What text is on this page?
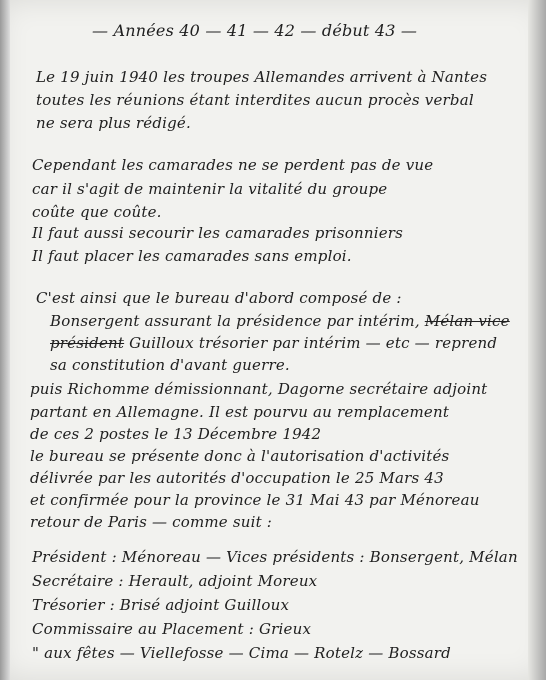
— Années 40 — 41 — 42 — début 43 —
Le 19 juin 1940 les troupes Allemandes arrivent à Nantes
toutes les réunions étant interdites aucun procès verbal
ne sera plus rédigé.
Cependant les camarades ne se perdent pas de vue
car il s'agit de maintenir la vitalité du groupe
coûte que coûte.
Il faut aussi secourir les camarades prisonniers
Il faut placer les camarades sans emploi.
C'est ainsi que le bureau d'abord composé de :
Bonsergent assurant la présidence par intérim, Mélan vice
président Guilloux trésorier par intérim — etc — reprend
sa constitution d'avant guerre.
puis Richomme démissionnant, Dagorne secrétaire adjoint
partant en Allemagne. Il est pourvu au remplacement
de ces 2 postes le 13 Décembre 1942
le bureau se présente donc à l'autorisation d'activités
délivrée par les autorités d'occupation le 25 Mars 43
et confirmée pour la province le 31 Mai 43 par Ménoreau
retour de Paris — comme suit :
Président : Ménoreau — Vices présidents : Bonsergent, Mélan
Secrétaire : Herault, adjoint Moreux
Trésorier : Brisé adjoint Guilloux
Commissaire au Placement : Grieux
" aux fêtes — Viellefosse — Cima — Rotelz — Bossard
